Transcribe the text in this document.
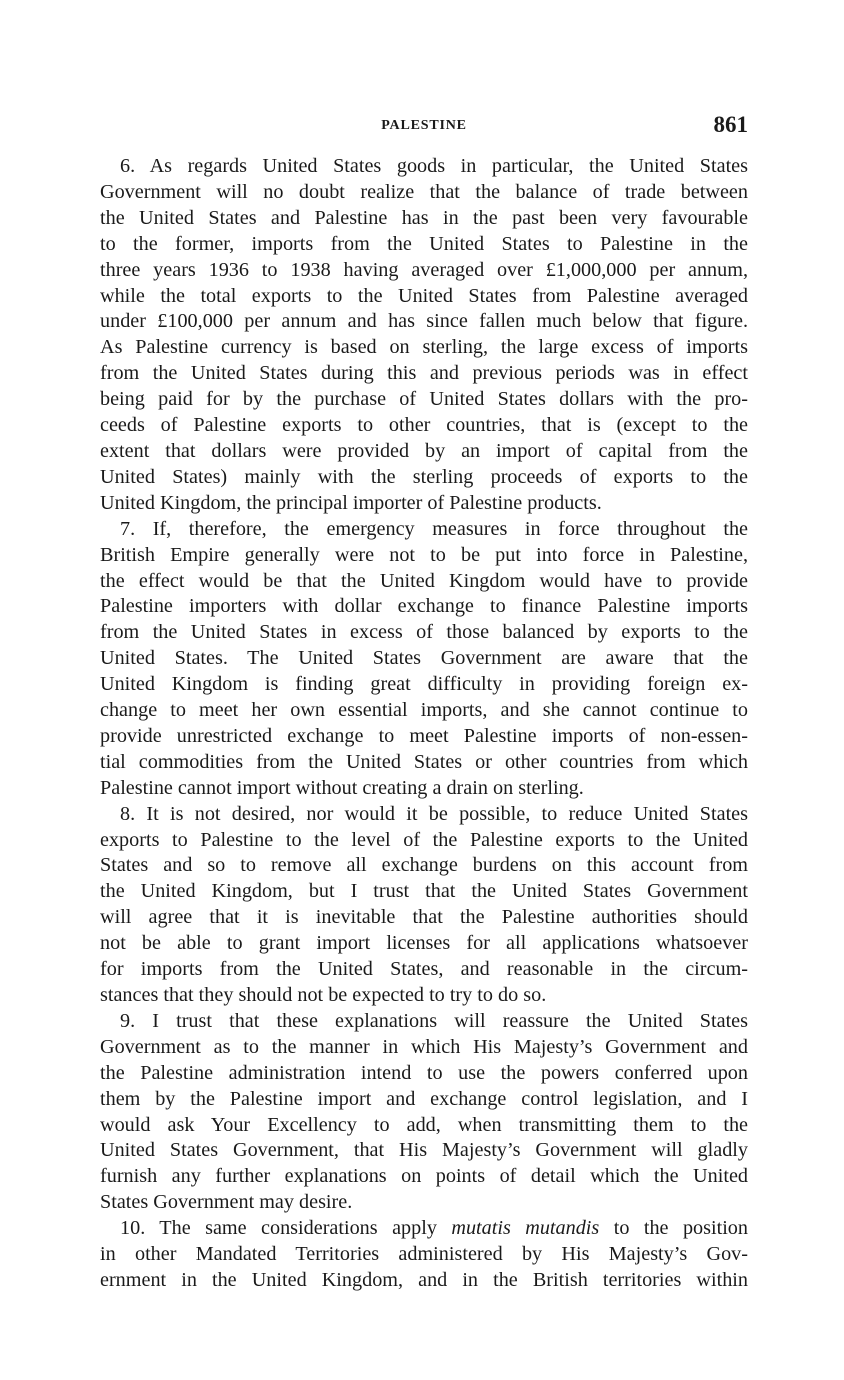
PALESTINE	861

6. As regards United States goods in particular, the United States
Government will no doubt realize that the balance of trade between
the United States and Palestine has in the past been very favourable
to the former, imports from the United States to Palestine in the
three years 1936 to 1938 having averaged over £1,000,000 per annum,
while the total exports to the United States from Palestine averaged
under £100,000 per annum and has since fallen much below that figure.
As Palestine currency is based on sterling, the large excess of imports
from the United States during this and previous periods was in effect
being paid for by the purchase of United States dollars with the pro-
ceeds of Palestine exports to other countries, that is (except to the
extent that dollars were provided by an import of capital from the
United States) mainly with the sterling proceeds of exports to the
United Kingdom, the principal importer of Palestine products.

7. If, therefore, the emergency measures in force throughout the
British Empire generally were not to be put into force in Palestine,
the effect would be that the United Kingdom would have to provide
Palestine importers with dollar exchange to finance Palestine imports
from the United States in excess of those balanced by exports to the
United States. The United States Government are aware that the
United Kingdom is finding great difficulty in providing foreign ex-
change to meet her own essential imports, and she cannot continue to
provide unrestricted exchange to meet Palestine imports of non-essen-
tial commodities from the United States or other countries from which
Palestine cannot import without creating a drain on sterling.

8. It is not desired, nor would it be possible, to reduce United States
exports to Palestine to the level of the Palestine exports to the United
States and so to remove all exchange burdens on this account from
the United Kingdom, but I trust that the United States Government
will agree that it is inevitable that the Palestine authorities should
not be able to grant import licenses for all applications whatsoever
for imports from the United States, and reasonable in the circum-
stances that they should not be expected to try to do so.

9. I trust that these explanations will reassure the United States
Government as to the manner in which His Majesty’s Government and
the Palestine administration intend to use the powers conferred upon
them by the Palestine import and exchange control legislation, and I
would ask Your Excellency to add, when transmitting them to the
United States Government, that His Majesty’s Government will gladly
furnish any further explanations on points of detail which the United
States Government may desire.

10. The same considerations apply mutatis mutandis to the position
in other Mandated Territories administered by His Majesty’s Gov-
ernment in the United Kingdom, and in the British territories within
